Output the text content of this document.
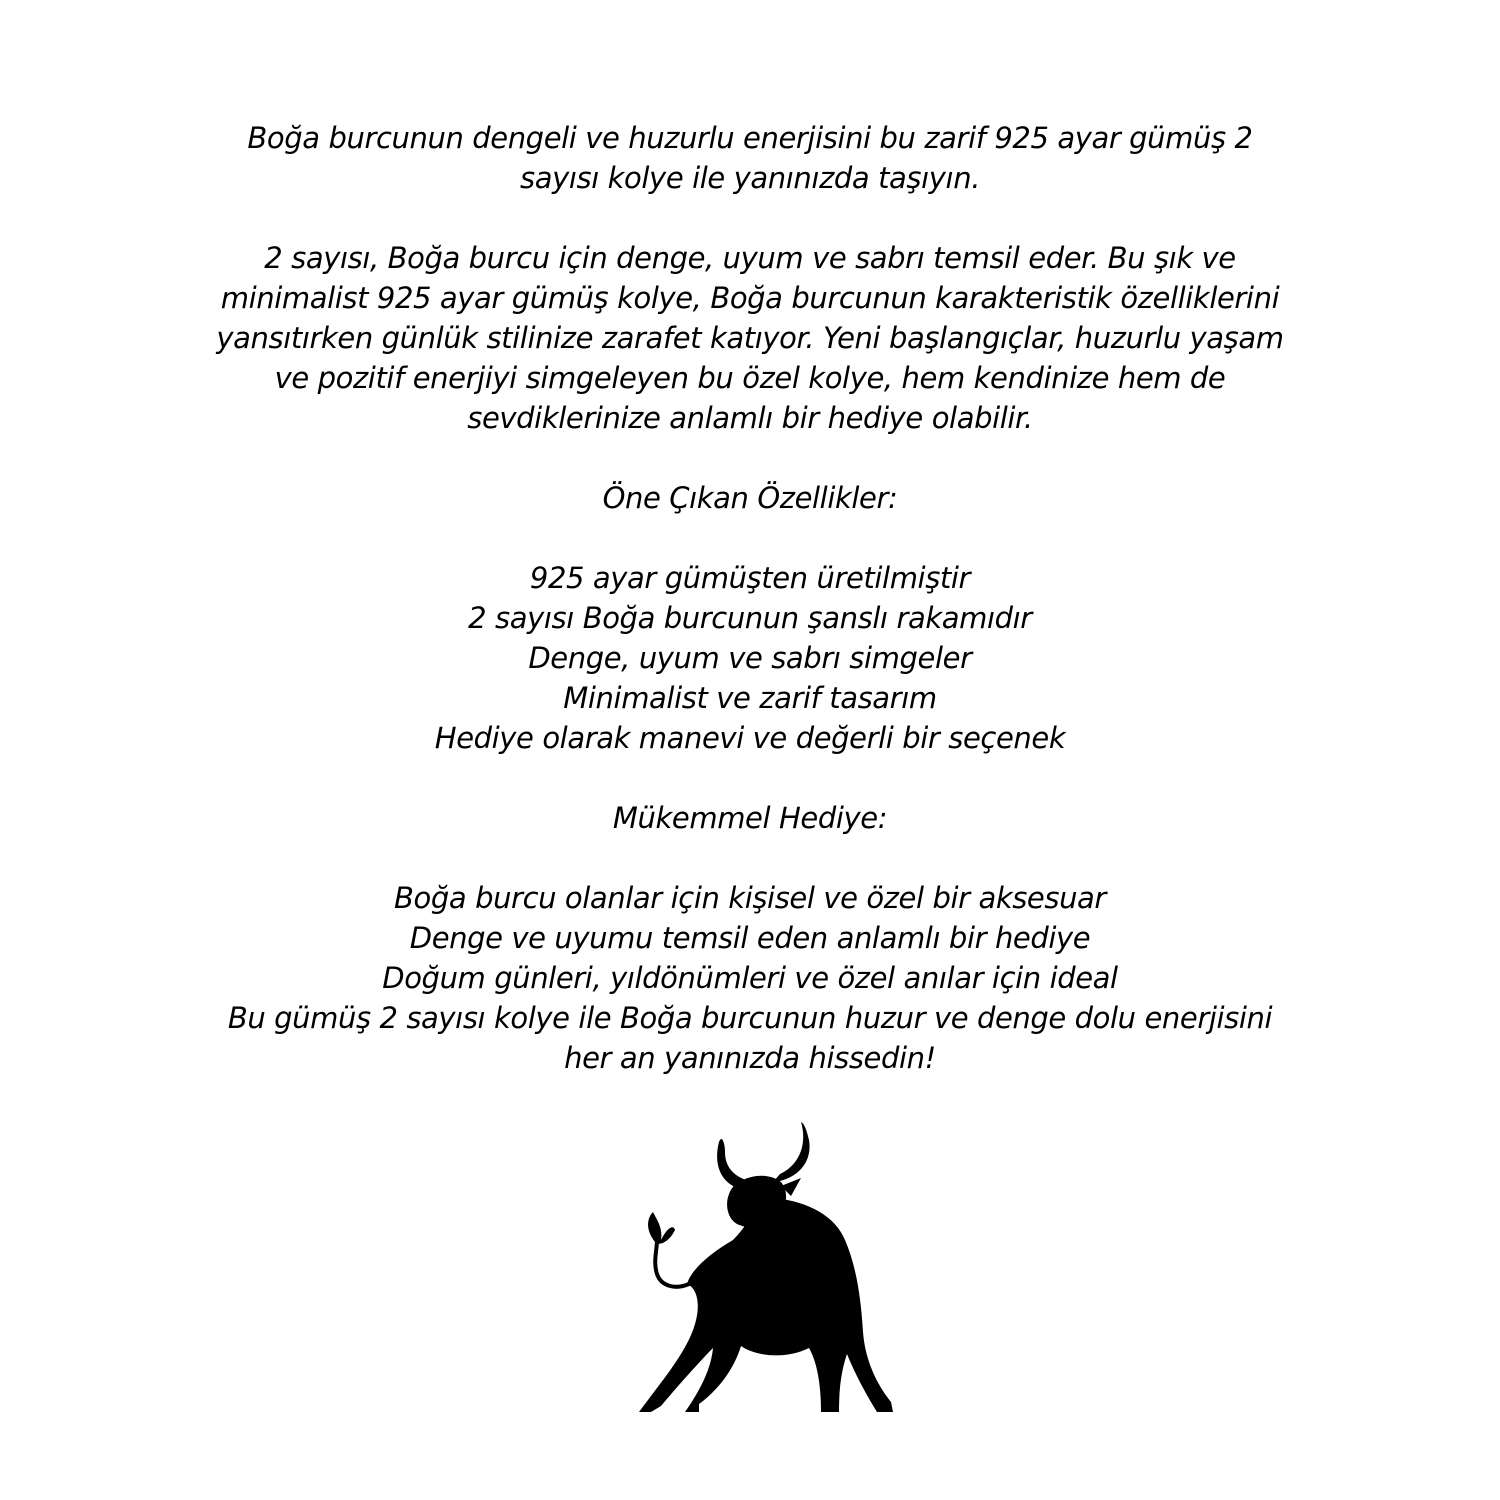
Boğa burcunun dengeli ve huzurlu enerjisini bu zarif 925 ayar gümüş 2
sayısı kolye ile yanınızda taşıyın.
2 sayısı, Boğa burcu için denge, uyum ve sabrı temsil eder. Bu şık ve
minimalist 925 ayar gümüş kolye, Boğa burcunun karakteristik özelliklerini
yansıtırken günlük stilinize zarafet katıyor. Yeni başlangıçlar, huzurlu yaşam
ve pozitif enerjiyi simgeleyen bu özel kolye, hem kendinize hem de
sevdiklerinize anlamlı bir hediye olabilir.
Öne Çıkan Özellikler:
925 ayar gümüşten üretilmiştir
2 sayısı Boğa burcunun şanslı rakamıdır
Denge, uyum ve sabrı simgeler
Minimalist ve zarif tasarım
Hediye olarak manevi ve değerli bir seçenek
Mükemmel Hediye:
Boğa burcu olanlar için kişisel ve özel bir aksesuar
Denge ve uyumu temsil eden anlamlı bir hediye
Doğum günleri, yıldönümleri ve özel anılar için ideal
Bu gümüş 2 sayısı kolye ile Boğa burcunun huzur ve denge dolu enerjisini
her an yanınızda hissedin!
